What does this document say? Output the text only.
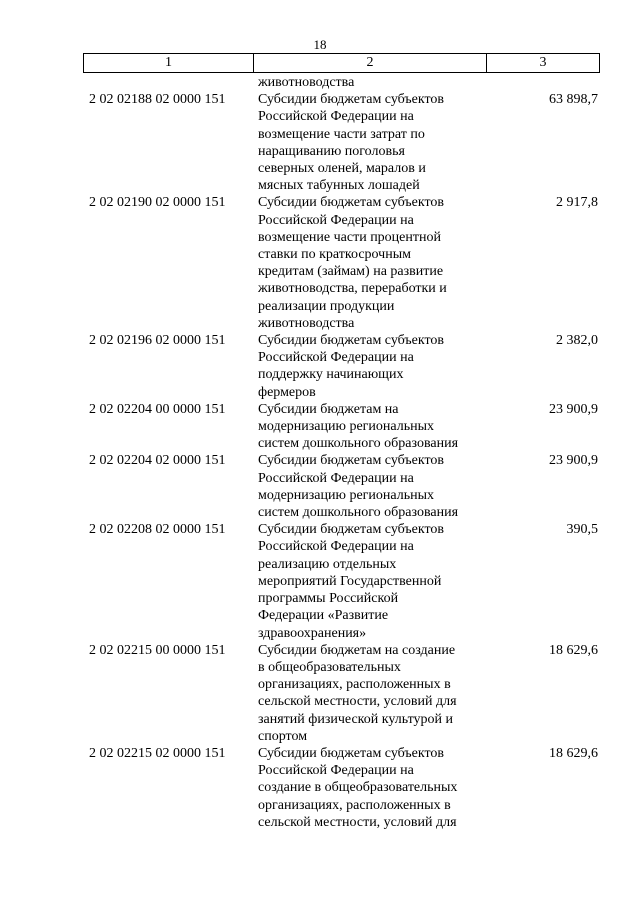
18
1	2	3
животноводства
2 02 02188 02 0000 151	Субсидии бюджетам субъектов
Российской Федерации на
возмещение части затрат по
наращиванию поголовья
северных оленей, маралов и
мясных табунных лошадей
63 898,7
2 02 02190 02 0000 151	Субсидии бюджетам субъектов
Российской Федерации на
возмещение части процентной
ставки по краткосрочным
кредитам (займам) на развитие
животноводства, переработки и
реализации продукции
животноводства
2 917,8
2 02 02196 02 0000 151	Субсидии бюджетам субъектов
Российской Федерации на
поддержку начинающих
фермеров
2 382,0
2 02 02204 00 0000 151	Субсидии бюджетам на
модернизацию региональных
систем дошкольного образования
23 900,9
2 02 02204 02 0000 151	Субсидии бюджетам субъектов
Российской Федерации на
модернизацию региональных
систем дошкольного образования
23 900,9
2 02 02208 02 0000 151	Субсидии бюджетам субъектов
Российской Федерации на
реализацию отдельных
мероприятий Государственной
программы Российской
Федерации «Развитие
здравоохранения»
390,5
2 02 02215 00 0000 151	Субсидии бюджетам на создание
в общеобразовательных
организациях, расположенных в
сельской местности, условий для
занятий физической культурой и
спортом
18 629,6
2 02 02215 02 0000 151	Субсидии бюджетам субъектов
Российской Федерации на
создание в общеобразовательных
организациях, расположенных в
сельской местности, условий для
18 629,6
